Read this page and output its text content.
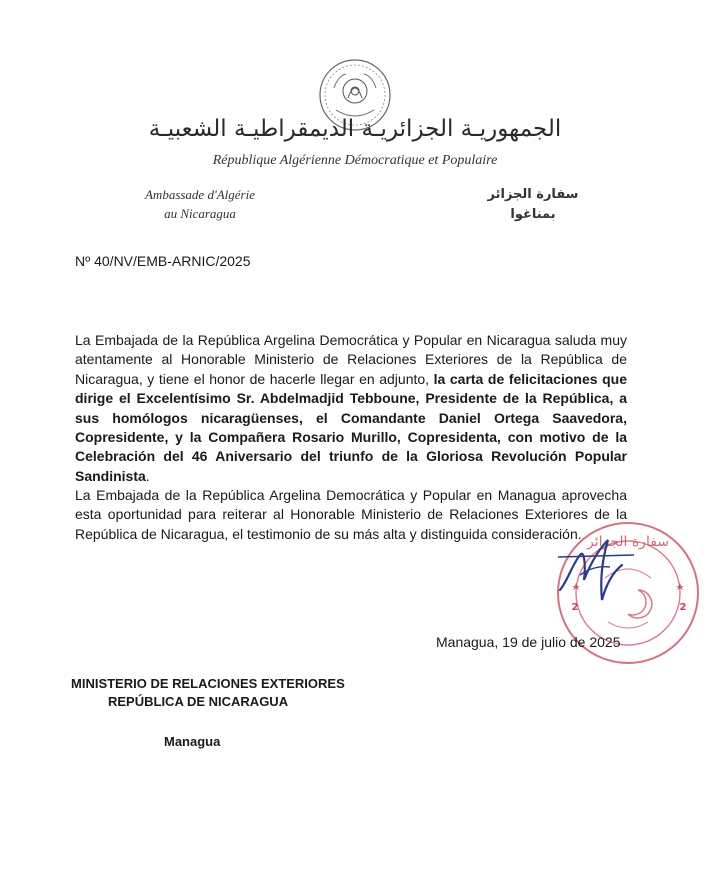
الجمهوريـة الجزائريـة الديمقراطيـة الشعبيـة
République Algérienne Démocratique et Populaire
Ambassade d'Algérie
au Nicaragua
سفارة الجزائر
بمناغوا
Nº 40/NV/EMB-ARNIC/2025
La Embajada de la República Argelina Democrática y Popular en Nicaragua saluda muy atentamente al Honorable Ministerio de Relaciones Exteriores de la República de Nicaragua, y tiene el honor de hacerle llegar en adjunto, la carta de felicitaciones que dirige el Excelentísimo Sr. Abdelmadjid Tebboune, Presidente de la República, a sus homólogos nicaragüenses, el Comandante Daniel Ortega Saavedora, Copresidente, y la Compañera Rosario Murillo, Copresidenta, con motivo de la Celebración del 46 Aniversario del triunfo de la Gloriosa Revolución Popular Sandinista.
La Embajada de la República Argelina Democrática y Popular en Managua aprovecha esta oportunidad para reiterar al Honorable Ministerio de Relaciones Exteriores de la República de Nicaragua, el testimonio de su más alta y distinguida consideración.
سفارة الجزائر
2	2
Managua, 19 de julio de 2025
MINISTERIO DE RELACIONES EXTERIORES
REPÚBLICA DE NICARAGUA
Managua
